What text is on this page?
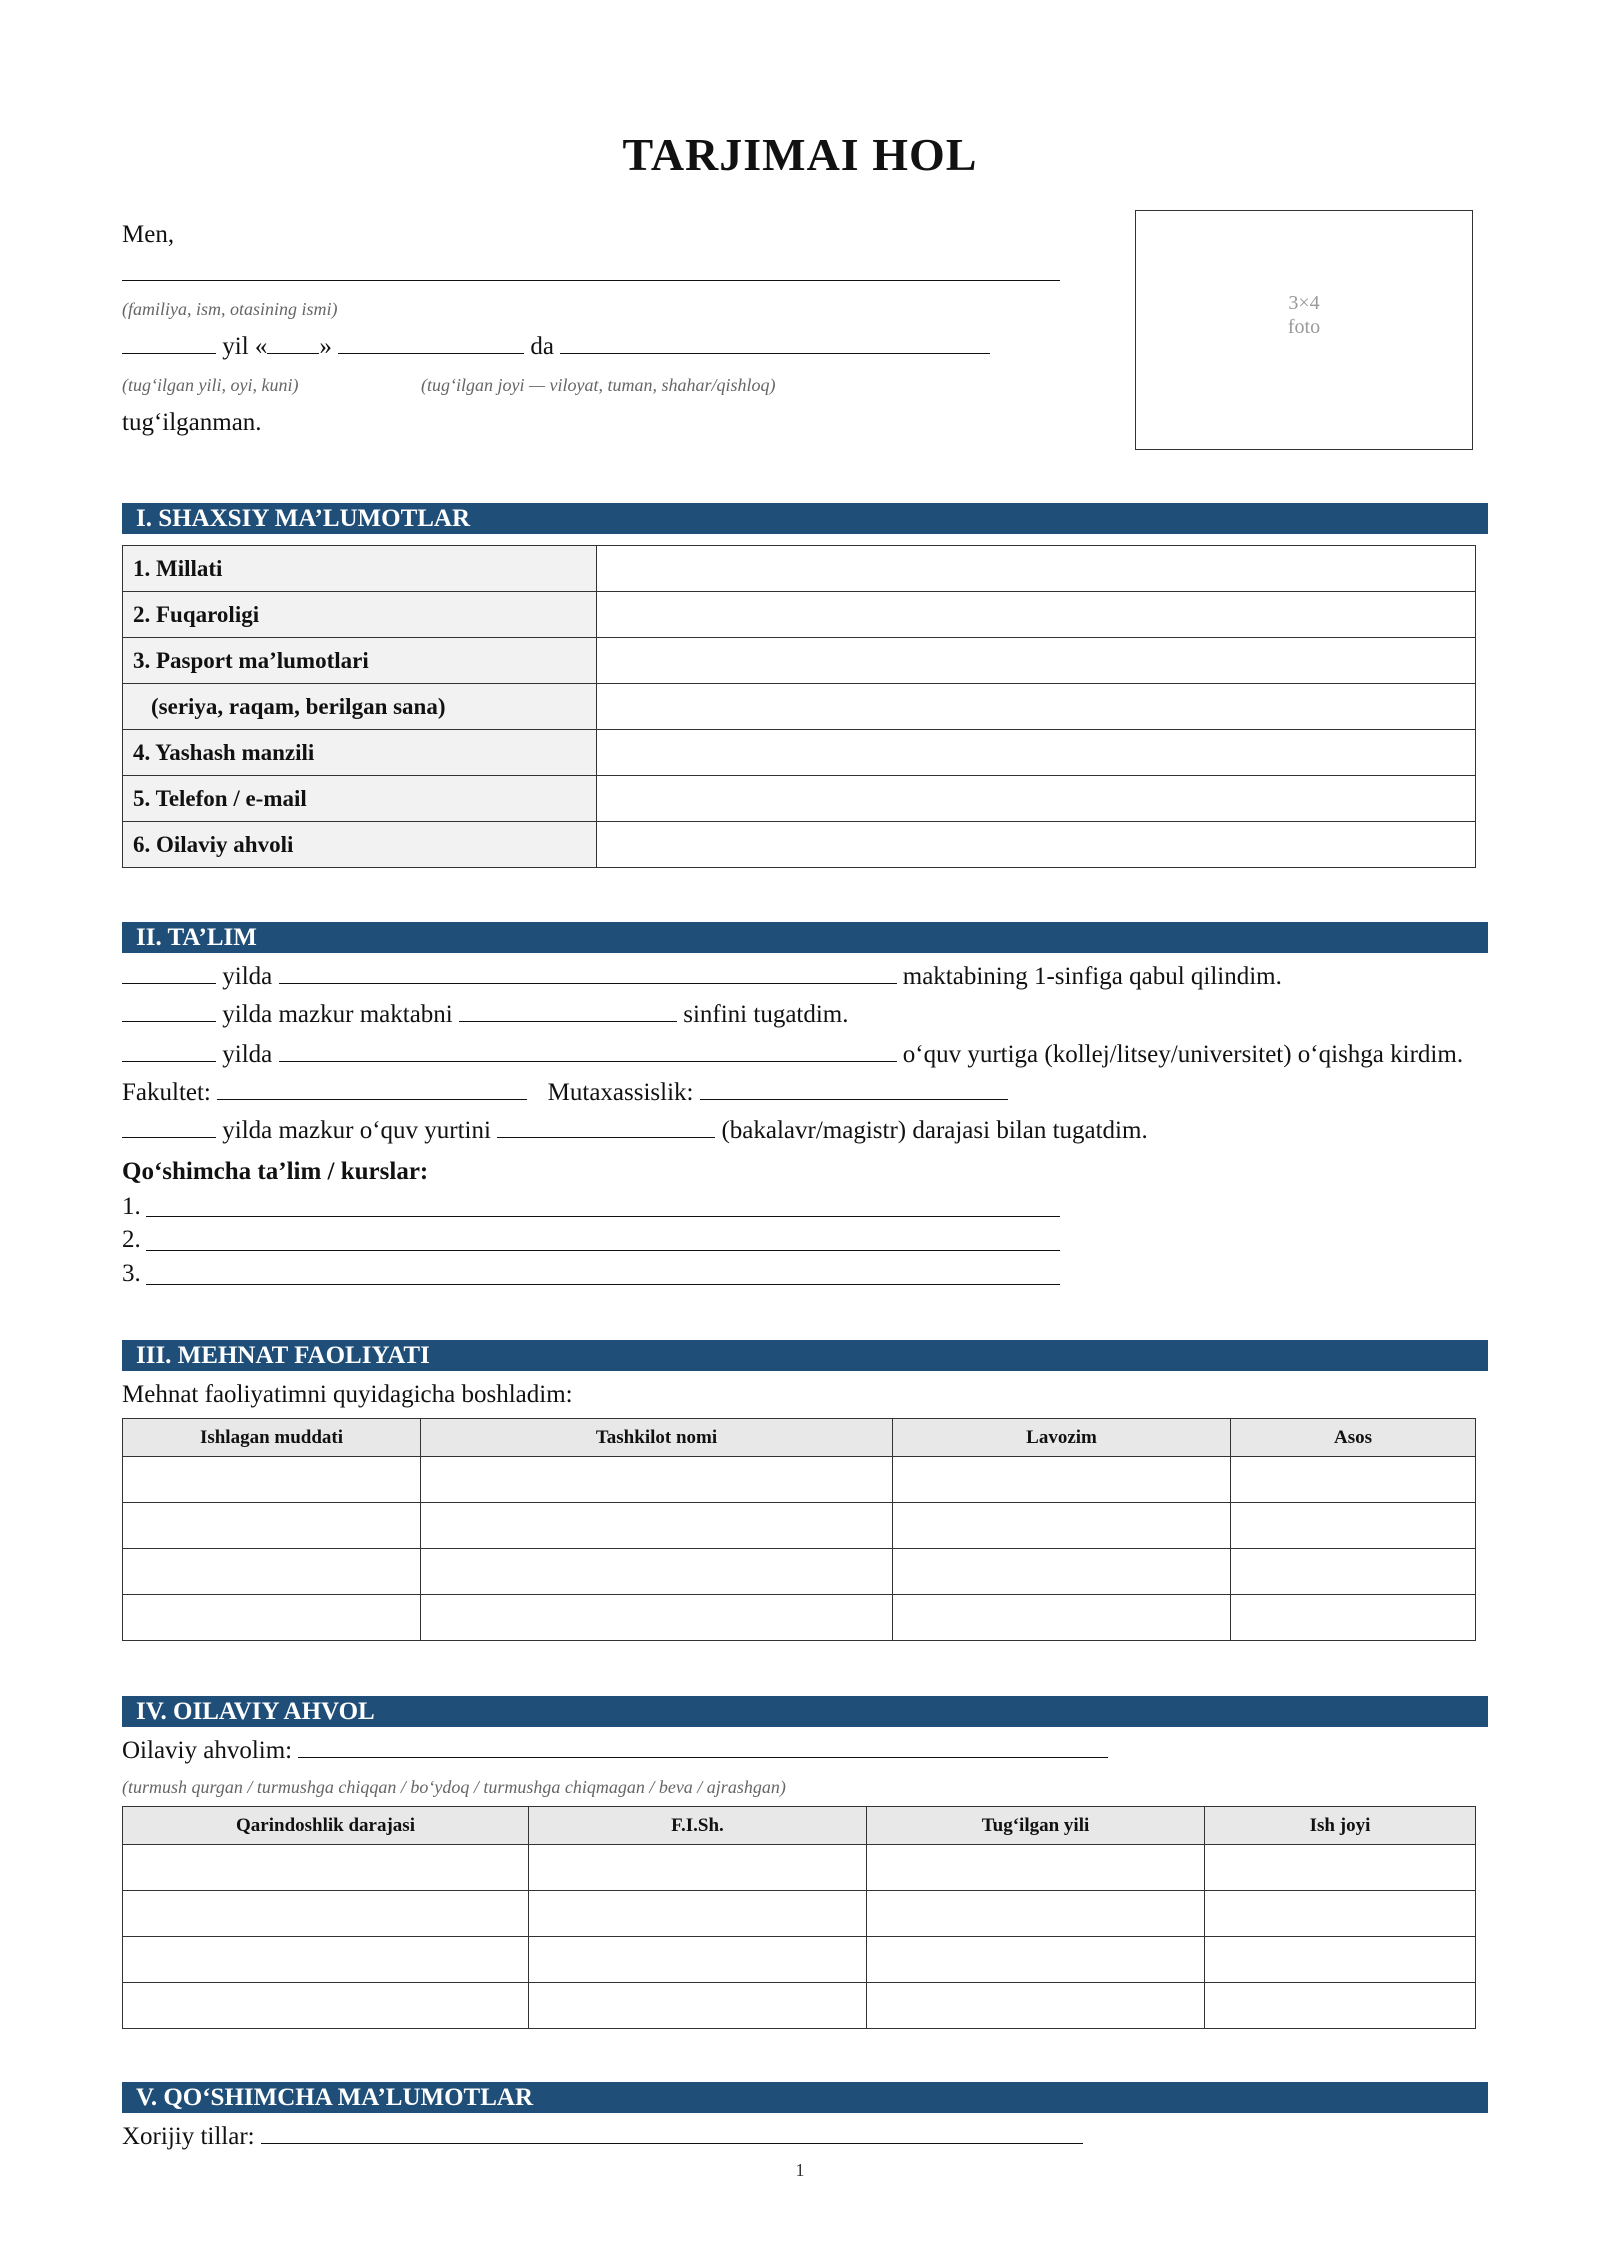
TARJIMAI HOL
Men,
(familiya, ism, otasining ismi)
yil « »	da
(tug‘ilgan yili, oyi, kuni)	(tug‘ilgan joyi — viloyat, tuman, shahar/qishloq)
tug‘ilganman.
3×4
foto
I. SHAXSIY MA’LUMOTLAR
1. Millati	
2. Fuqaroligi	
3. Pasport ma’lumotlari	
(seriya, raqam, berilgan sana)	
4. Yashash manzili	
5. Telefon / e-mail	
6. Oilaviy ahvoli	
II. TA’LIM
yilda	maktabining 1-sinfiga qabul qilindim.
yilda mazkur maktabni	sinfini tugatdim.
yilda	o‘quv yurtiga (kollej/litsey/universitet) o‘qishga kirdim.
Fakultet:	Mutaxassislik:
yilda mazkur o‘quv yurtini	(bakalavr/magistr) darajasi bilan tugatdim.
Qo‘shimcha ta’lim / kurslar:
1.
2.
3.
III. MEHNAT FAOLIYATI
Mehnat faoliyatimni quyidagicha boshladim:
Ishlagan muddati	Tashkilot nomi	Lavozim	Asos

IV. OILAVIY AHVOL
Oilaviy ahvolim:
(turmush qurgan / turmushga chiqqan / bo‘ydoq / turmushga chiqmagan / beva / ajrashgan)
Qarindoshlik darajasi	F.I.Sh.	Tug‘ilgan yili	Ish joyi

V. QO‘SHIMCHA MA’LUMOTLAR
Xorijiy tillar:
1
